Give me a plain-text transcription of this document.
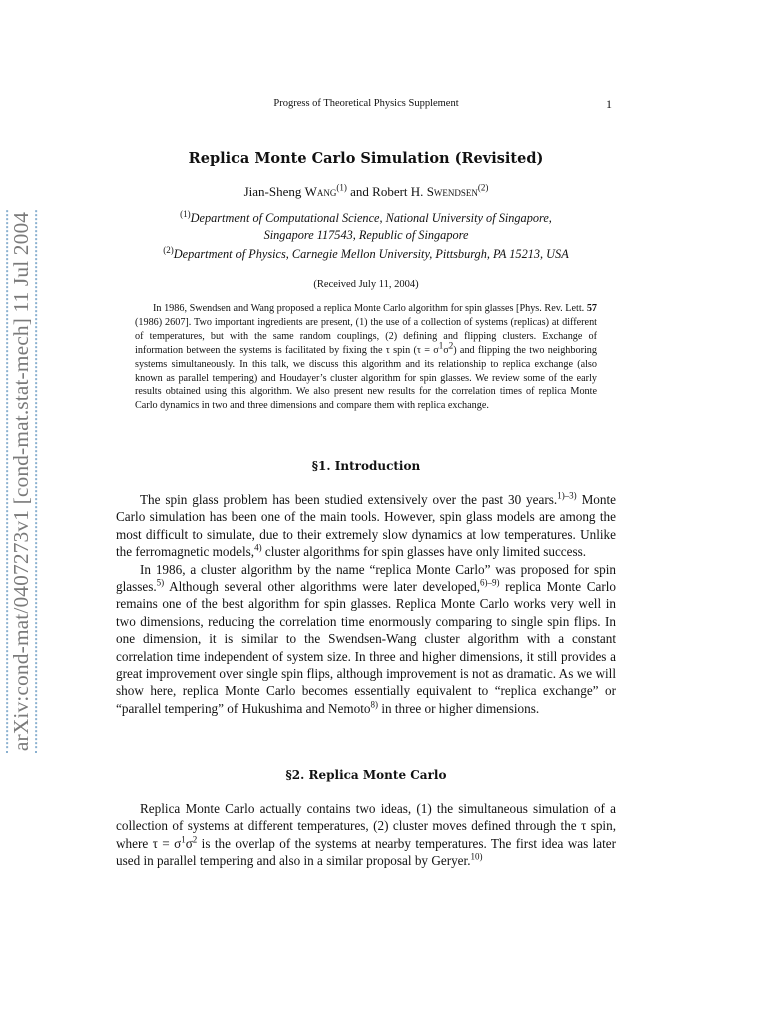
arXiv:cond-mat/0407273v1 [cond-mat.stat-mech] 11 Jul 2004
Progress of Theoretical Physics Supplement	1
Replica Monte Carlo Simulation (Revisited)
Jian-Sheng Wang$^{(1)}$ and Robert H. Swendsen$^{(2)}$
$^{(1)}$Department of Computational Science, National University of Singapore,
Singapore 117543, Republic of Singapore
$^{(2)}$Department of Physics, Carnegie Mellon University, Pittsburgh, PA 15213, USA
(Received July 11, 2004)

In 1986, Swendsen and Wang proposed a replica Monte Carlo algorithm for spin glasses [Phys. Rev. Lett. 57 (1986) 2607]. Two important ingredients are present, (1) the use of a collection of systems (replicas) at different of temperatures, but with the same random couplings, (2) defining and flipping clusters. Exchange of information between the systems is facilitated by fixing the τ spin $(\tau = \sigma^1\sigma^2)$ and flipping the two neighboring systems simultaneously. In this talk, we discuss this algorithm and its relationship to replica exchange (also known as parallel tempering) and Houdayer’s cluster algorithm for spin glasses. We review some of the early results obtained using this algorithm. We also present new results for the correlation times of replica Monte Carlo dynamics in two and three dimensions and compare them with replica exchange.

§1. Introduction

The spin glass problem has been studied extensively over the past 30 years.$^{1)-3)}$ Monte Carlo simulation has been one of the main tools. However, spin glass models are among the most difficult to simulate, due to their extremely slow dynamics at low temperatures. Unlike the ferromagnetic models,$^{4)}$ cluster algorithms for spin glasses have only limited success.

In 1986, a cluster algorithm by the name “replica Monte Carlo” was proposed for spin glasses.$^{5)}$ Although several other algorithms were later developed,$^{6)-9)}$ replica Monte Carlo remains one of the best algorithm for spin glasses. Replica Monte Carlo works very well in two dimensions, reducing the correlation time enormously comparing to single spin flips. In one dimension, it is similar to the Swendsen-Wang cluster algorithm with a constant correlation time independent of system size. In three and higher dimensions, it still provides a great improvement over single spin flips, although improvement is not as dramatic. As we will show here, replica Monte Carlo becomes essentially equivalent to “replica exchange” or “parallel tempering” of Hukushima and Nemoto$^{8)}$ in three or higher dimensions.

§2. Replica Monte Carlo

Replica Monte Carlo actually contains two ideas, (1) the simultaneous simulation of a collection of systems at different temperatures, (2) cluster moves defined through the τ spin, where $\tau = \sigma^1\sigma^2$ is the overlap of the systems at nearby temperatures. The first idea was later used in parallel tempering and also in a similar proposal by Geryer.$^{10)}$
